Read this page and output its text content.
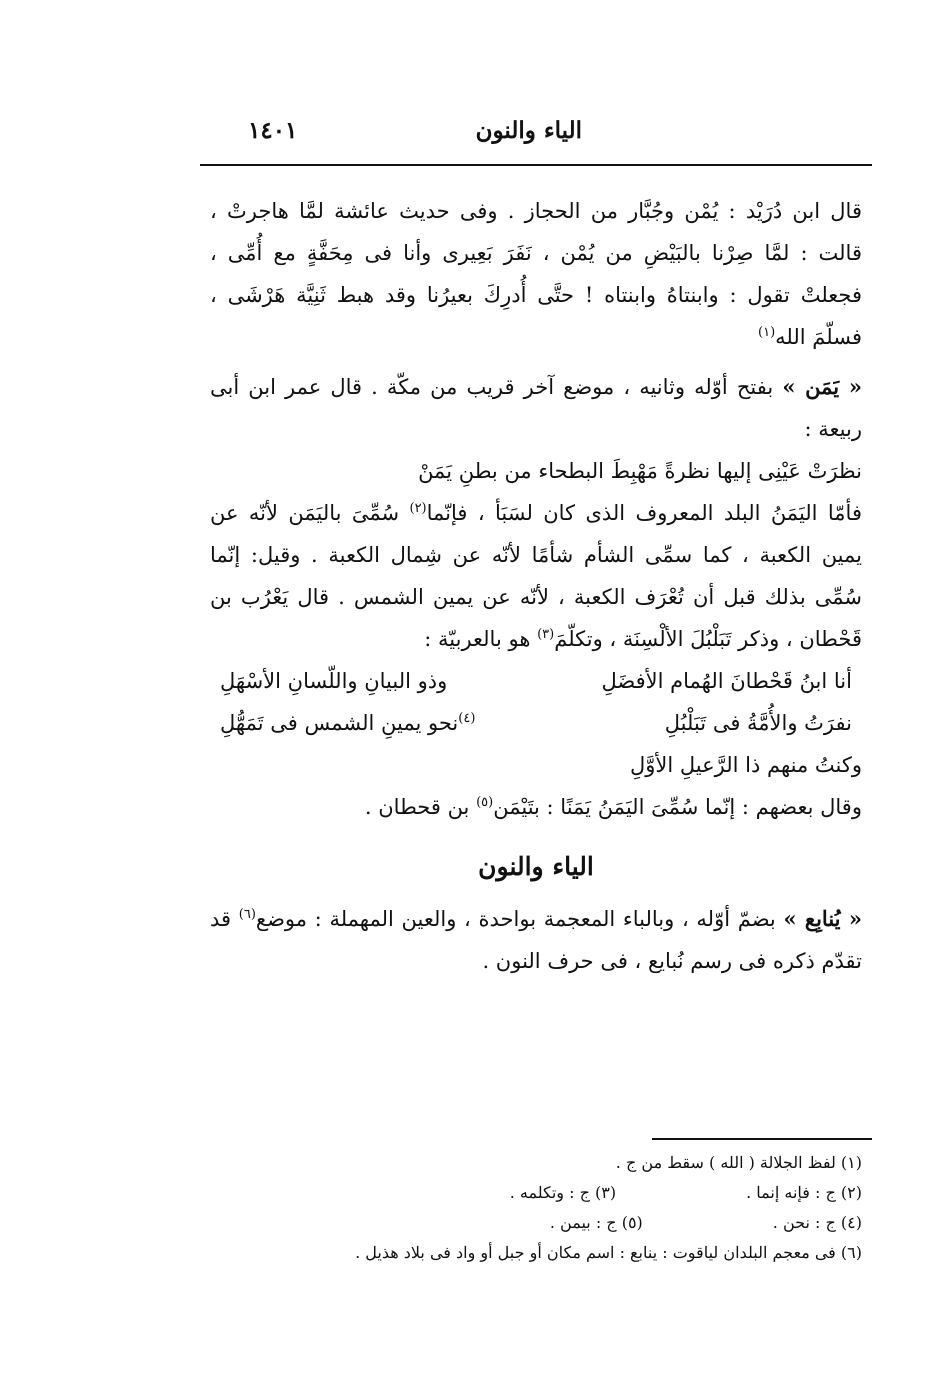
الياء والنون
١٤٠١

قال ابن دُرَيْد : يُمْن وجُبَّار من الحجاز . وفى حديث عائشة لمَّا هاجرتْ ، قالت : لمَّا صِرْنا بالبَيْضِ من يُمْن ، نَفَرَ بَعِيرى وأنا فى مِحَفَّةٍ مع أُمِّى ، فجعلتْ تقول : وابنتاهُ وابنتاه ! حتَّى أُدرِكَ بعيرُنا وقد هبط ثَنِيَّة هَرْشَى ، فسلّمَ الله$^{(١)}$

« يَمَن » بفتح أوّله وثانيه ، موضع آخر قريب من مكّة . قال عمر ابن أبى ربيعة :

نظرَتْ عَيْنِى إليها نظرةً مَهْبِطَ البطحاء من بطنِ يَمَنْ

فأمّا اليَمَنُ البلد المعروف الذى كان لسَبَأ ، فإنّما$^{(٢)}$ سُمِّىَ باليَمَن لأنّه عن يمين الكعبة ، كما سمِّى الشأم شأمًا لأنّه عن شِمال الكعبة . وقيل: إنّما سُمِّى بذلك قبل أن تُعْرَف الكعبة ، لأنّه عن يمين الشمس . قال يَعْرُب بن قَحْطان ، وذكر تَبَلْبُلَ الألْسِنَة ، وتكلّمَ$^{(٣)}$ هو بالعربيّة :

أنا ابنُ قَحْطانَ الهُمام الأفضَلِ
وذو البيانِ واللّسانِ الأسْهَلِ
نفرَتُ والأُمَّةُ فى تَبَلْبُلِ
$^{(٤)}$نحو يمينِ الشمس فى تَمَهُّلِ

وكنتُ منهم ذا الرَّعيلِ الأوَّلِ

وقال بعضهم : إنّما سُمِّىَ اليَمَنُ يَمَنًا : بتَيْمَن$^{(٥)}$ بن قحطان .

الياء والنون

« يُنابِع » بضمّ أوّله ، وبالباء المعجمة بواحدة ، والعين المهملة : موضع$^{(٦)}$ قد تقدّم ذكره فى رسم نُبايع ، فى حرف النون .

(١) لفظ الجلالة ( الله ) سقط من ج .
(٢) ج : فإنه إنما .
(٣) ج : وتكلمه .
(٤) ج : نحن .
(٥) ج : بيمن .
(٦) فى معجم البلدان لياقوت : ينابع : اسم مكان أو جبل أو واد فى بلاد هذيل .
